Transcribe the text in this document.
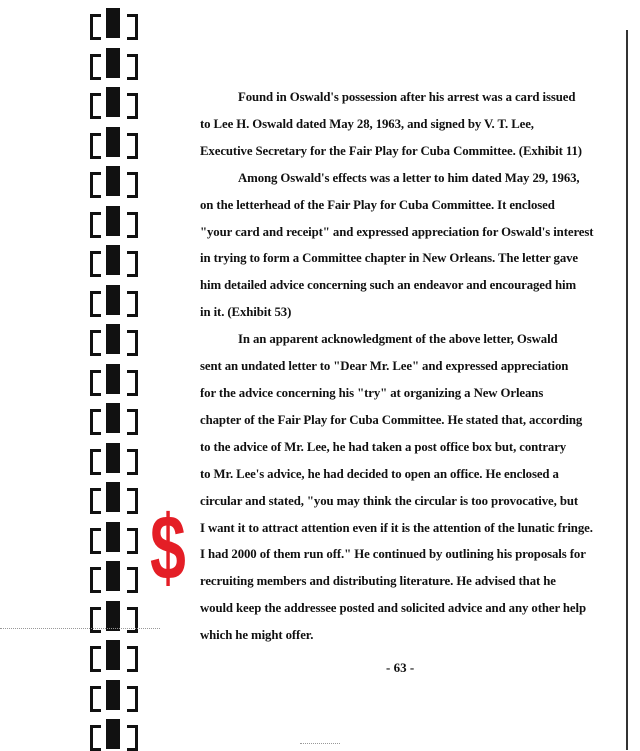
$

Found in Oswald's possession after his arrest was a card issued
to Lee H. Oswald dated May 28, 1963, and signed by V. T. Lee,
Executive Secretary for the Fair Play for Cuba Committee. (Exhibit 11)

Among Oswald's effects was a letter to him dated May 29, 1963,
on the letterhead of the Fair Play for Cuba Committee. It enclosed
"your card and receipt" and expressed appreciation for Oswald's interest
in trying to form a Committee chapter in New Orleans. The letter gave
him detailed advice concerning such an endeavor and encouraged him
in it. (Exhibit 53)

In an apparent acknowledgment of the above letter, Oswald
sent an undated letter to "Dear Mr. Lee" and expressed appreciation
for the advice concerning his "try" at organizing a New Orleans
chapter of the Fair Play for Cuba Committee. He stated that, according
to the advice of Mr. Lee, he had taken a post office box but, contrary
to Mr. Lee's advice, he had decided to open an office. He enclosed a
circular and stated, "you may think the circular is too provocative, but
I want it to attract attention even if it is the attention of the lunatic fringe.
I had 2000 of them run off." He continued by outlining his proposals for
recruiting members and distributing literature. He advised that he
would keep the addressee posted and solicited advice and any other help
which he might offer.

- 63 -
